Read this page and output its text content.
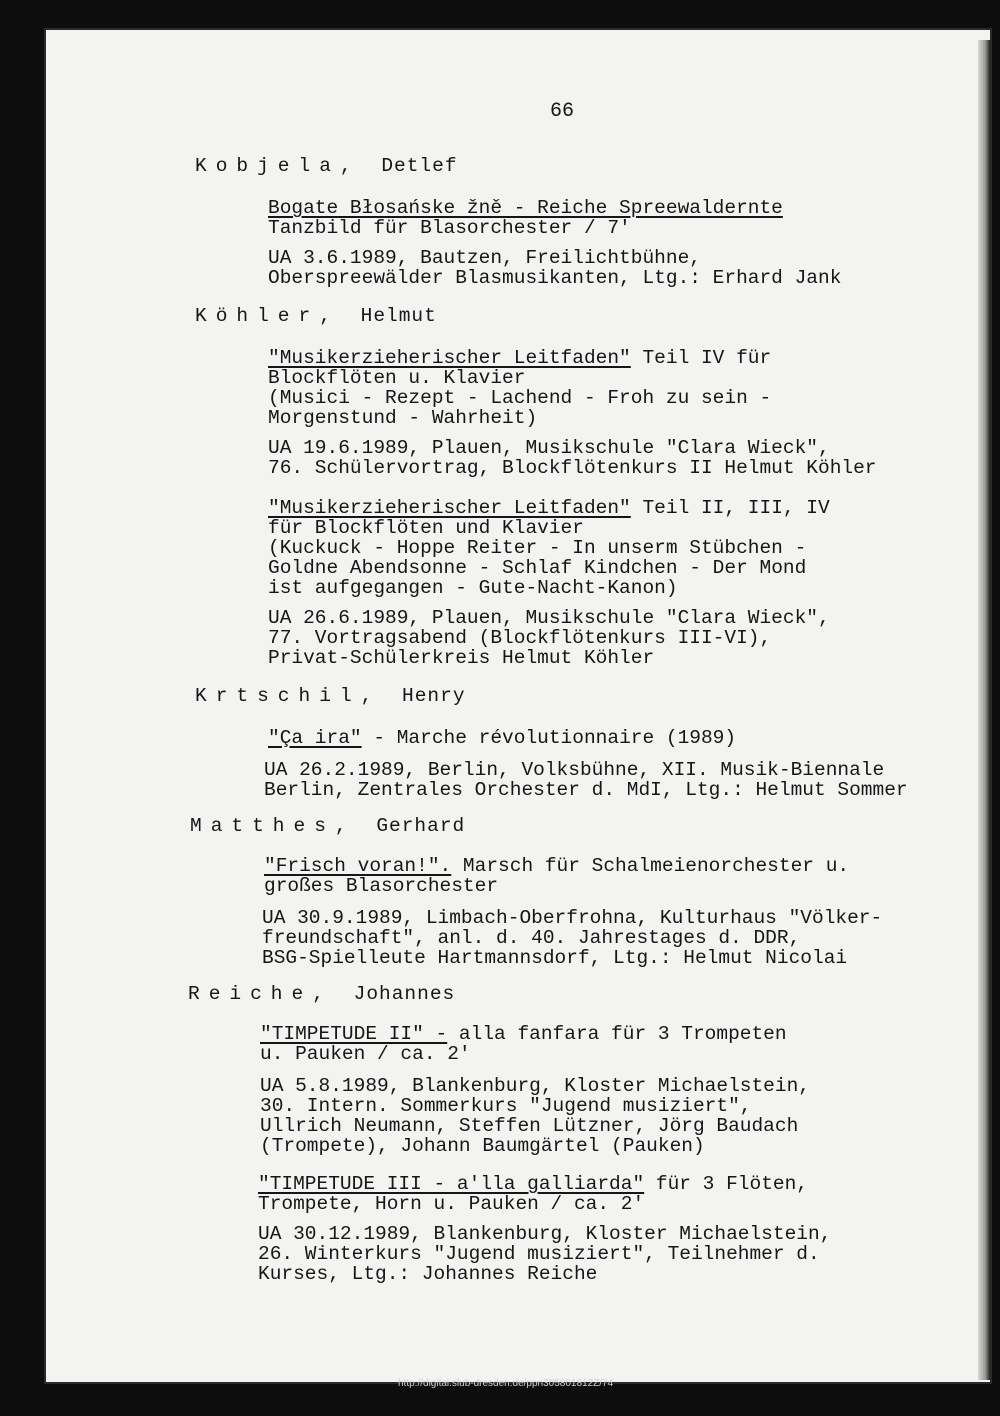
66
Kobjela, Detlef
Bogate Błosańske žně - Reiche Spreewaldernte
Tanzbild für Blasorchester / 7'
UA 3.6.1989, Bautzen, Freilichtbühne,
Oberspreewälder Blasmusikanten, Ltg.: Erhard Jank
Köhler, Helmut
"Musikerzieherischer Leitfaden" Teil IV für
Blockflöten u. Klavier
(Musici - Rezept - Lachend - Froh zu sein -
Morgenstund - Wahrheit)
UA 19.6.1989, Plauen, Musikschule "Clara Wieck",
76. Schülervortrag, Blockflötenkurs II Helmut Köhler
"Musikerzieherischer Leitfaden" Teil II, III, IV
für Blockflöten und Klavier
(Kuckuck - Hoppe Reiter - In unserm Stübchen -
Goldne Abendsonne - Schlaf Kindchen - Der Mond
ist aufgegangen - Gute-Nacht-Kanon)
UA 26.6.1989, Plauen, Musikschule "Clara Wieck",
77. Vortragsabend (Blockflötenkurs III-VI),
Privat-Schülerkreis Helmut Köhler
Krtschil, Henry
"Ça ira" - Marche révolutionnaire (1989)
UA 26.2.1989, Berlin, Volksbühne, XII. Musik-Biennale
Berlin, Zentrales Orchester d. MdI, Ltg.: Helmut Sommer
Matthes, Gerhard
"Frisch voran!". Marsch für Schalmeienorchester u.
großes Blasorchester
UA 30.9.1989, Limbach-Oberfrohna, Kulturhaus "Völker-
freundschaft", anl. d. 40. Jahrestages d. DDR,
BSG-Spielleute Hartmannsdorf, Ltg.: Helmut Nicolai
Reiche, Johannes
"TIMPETUDE II" - alla fanfara für 3 Trompeten
u. Pauken / ca. 2'
UA 5.8.1989, Blankenburg, Kloster Michaelstein,
30. Intern. Sommerkurs "Jugend musiziert",
Ullrich Neumann, Steffen Lützner, Jörg Baudach
(Trompete), Johann Baumgärtel (Pauken)
"TIMPETUDE III - a'lla galliarda" für 3 Flöten,
Trompete, Horn u. Pauken / ca. 2'
UA 30.12.1989, Blankenburg, Kloster Michaelstein,
26. Winterkurs "Jugend musiziert", Teilnehmer d.
Kurses, Ltg.: Johannes Reiche
http://digital.slub-dresden.de/ppn305801812Z/74
